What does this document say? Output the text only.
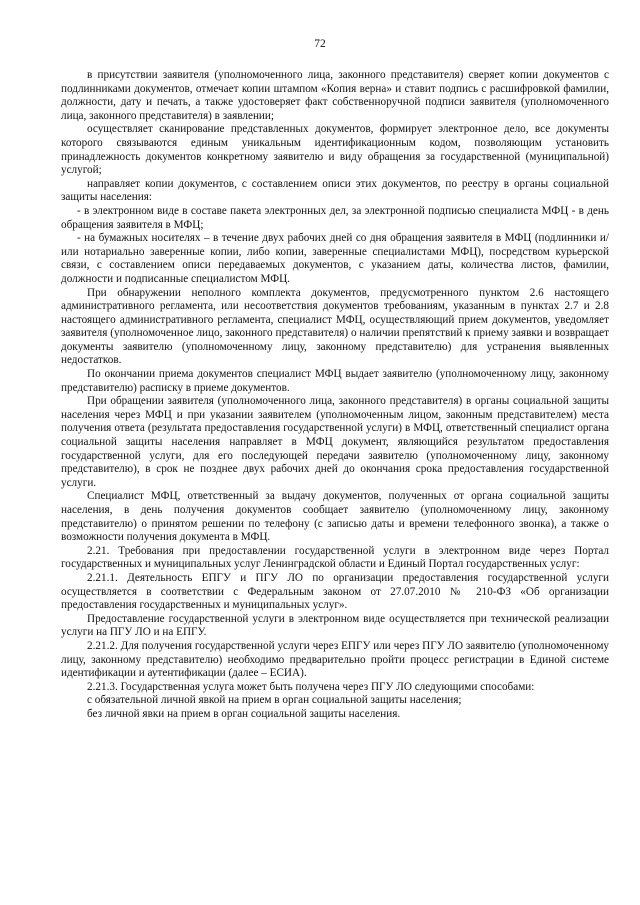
72

в присутствии заявителя (уполномоченного лица, законного представителя) сверяет копии документов с подлинниками документов, отмечает копии штампом «Копия верна» и ставит подпись с расшифровкой фамилии, должности, дату и печать, а также удостоверяет факт собственноручной подписи заявителя (уполномоченного лица, законного представителя) в заявлении;

осуществляет сканирование представленных документов, формирует электронное дело, все документы которого связываются единым уникальным идентификационным кодом, позволяющим установить принадлежность документов конкретному заявителю и виду обращения за государственной (муниципальной) услугой;

направляет копии документов, с составлением описи этих документов, по реестру в органы социальной защиты населения:

- в электронном виде в составе пакета электронных дел, за электронной подписью специалиста МФЦ - в день обращения заявителя в МФЦ;

- на бумажных носителях – в течение двух рабочих дней со дня обращения заявителя в МФЦ (подлинники и/или нотариально заверенные копии, либо копии, заверенные специалистами МФЦ), посредством курьерской связи, с составлением описи передаваемых документов, с указанием даты, количества листов, фамилии, должности и подписанные специалистом МФЦ.

При обнаружении неполного комплекта документов, предусмотренного пунктом 2.6 настоящего административного регламента, или несоответствия документов требованиям, указанным в пунктах 2.7 и 2.8 настоящего административного регламента, специалист МФЦ, осуществляющий прием документов, уведомляет заявителя (уполномоченное лицо, законного представителя) о наличии препятствий к приему заявки и возвращает документы заявителю (уполномоченному лицу, законному представителю) для устранения выявленных недостатков.

По окончании приема документов специалист МФЦ выдает заявителю (уполномоченному лицу, законному представителю) расписку в приеме документов.

При обращении заявителя (уполномоченного лица, законного представителя) в органы социальной защиты населения через МФЦ и при указании заявителем (уполномоченным лицом, законным представителем) места получения ответа (результата предоставления государственной услуги) в МФЦ, ответственный специалист органа социальной защиты населения направляет в МФЦ документ, являющийся результатом предоставления государственной услуги, для его последующей передачи заявителю (уполномоченному лицу, законному представителю), в срок не позднее двух рабочих дней до окончания срока предоставления государственной услуги.

Специалист МФЦ, ответственный за выдачу документов, полученных от органа социальной защиты населения, в день получения документов сообщает заявителю (уполномоченному лицу, законному представителю) о принятом решении по телефону (с записью даты и времени телефонного звонка), а также о возможности получения документа в МФЦ.

2.21. Требования при предоставлении государственной услуги в электронном виде через Портал государственных и муниципальных услуг Ленинградской области и Единый Портал государственных услуг:

2.21.1. Деятельность ЕПГУ и ПГУ ЛО по организации предоставления государственной услуги осуществляется в соответствии с Федеральным законом от 27.07.2010 № 210-ФЗ «Об организации предоставления государственных и муниципальных услуг».

Предоставление государственной услуги в электронном виде осуществляется при технической реализации услуги на ПГУ ЛО и на ЕПГУ.

2.21.2. Для получения государственной услуги через ЕПГУ или через ПГУ ЛО заявителю (уполномоченному лицу, законному представителю) необходимо предварительно пройти процесс регистрации в Единой системе идентификации и аутентификации (далее – ЕСИА).

2.21.3. Государственная услуга может быть получена через ПГУ ЛО следующими способами:

с обязательной личной явкой на прием в орган социальной защиты населения;

без личной явки на прием в орган социальной защиты населения.
